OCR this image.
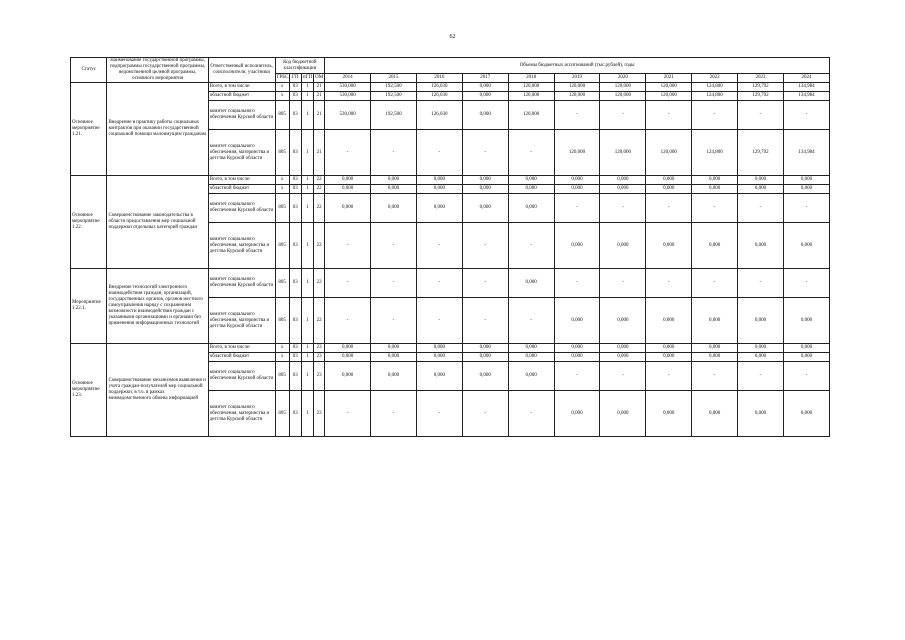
62
Статус	Наименование государственной программы, подпрограммы государственной программы, ведомственной целевой программы, основного мероприятия	Ответственный исполнитель, соисполнители, участники	Код бюджетной классификации				Объемы бюджетных ассигнований (тыс.рублей), годы										
			ГРБС	ГП	пГП	ОМ	2014	2015	2016	2017	2018	2019	2020	2021	2022	2023	2024
Основное мероприятие 1.21.	Внедрение в практику работы социальных контрактов при оказании государственной социальной помощи малоимущим гражданам	Всего, в том числе:	х	03	1	21	530,000	192,500	126,030	0,000	120,000	120,000	120,000	120,000	124,800	129,792	134,984
		областной бюджет	х	03	1	21	530,000	192,500	126,030	0,000	120,000	120,000	120,000	120,000	124,800	129,792	134,984
		комитет социального обеспечения Курской области	805	03	1	21	530,000	192,500	126,030	0,000	120,000	-	-	-	-	-	-
		комитет социального обеспечения, материнства и детства Курской области	805	03	1	21	-	-	-	-	-	120,000	120,000	120,000	124,800	129,792	134,984
Основное мероприятие 1.22.	Совершенствование законодательства в области предоставления мер социальной поддержки отдельных категорий граждан	Всего, в том числе:	х	03	1	22	0,000	0,000	0,000	0,000	0,000	0,000	0,000	0,000	0,000	0,000	0,000
		областной бюджет	х	03	1	22	0,000	0,000	0,000	0,000	0,000	0,000	0,000	0,000	0,000	0,000	0,000
		комитет социального обеспечения Курской области	805	03	1	22	0,000	0,000	0,000	0,000	0,000	-	-	-	-	-	-
		комитет социального обеспечения, материнства и детства Курской области	805	03	1	22	-	-	-	-	-	0,000	0,000	0,000	0,000	0,000	0,000
Мероприятие 1.22.1.	Внедрение технологий электронного взаимодействия граждан, организаций, государственных органов, органов местного самоуправления наряду с сохранением возможности взаимодействия граждан с указанными организациями и органами без применения информационных технологий	комитет социального обеспечения Курской области	805	03	1	22	-	-	-	-	0,000	-	-	-	-	-	-
		комитет социального обеспечения, материнства и детства Курской области	805	03	1	22	-	-	-	-	-	0,000	0,000	0,000	0,000	0,000	0,000
Основное мероприятие 1.23.	Совершенствование механизмов выявления и учета граждан-получателей мер социальной поддержки, в т.ч. в рамках межведомственного обмена информацией	Всего, в том числе:	х	03	1	23	0,000	0,000	0,000	0,000	0,000	0,000	0,000	0,000	0,000	0,000	0,000
		областной бюджет	х	03	1	23	0,000	0,000	0,000	0,000	0,000	0,000	0,000	0,000	0,000	0,000	0,000
		комитет социального обеспечения Курской области	805	03	1	23	0,000	0,000	0,000	0,000	0,000	-	-	-	-	-	-
		комитет социального обеспечения, материнства и детства Курской области	805	03	1	23	-	-	-	-	-	0,000	0,000	0,000	0,000	0,000	0,000
